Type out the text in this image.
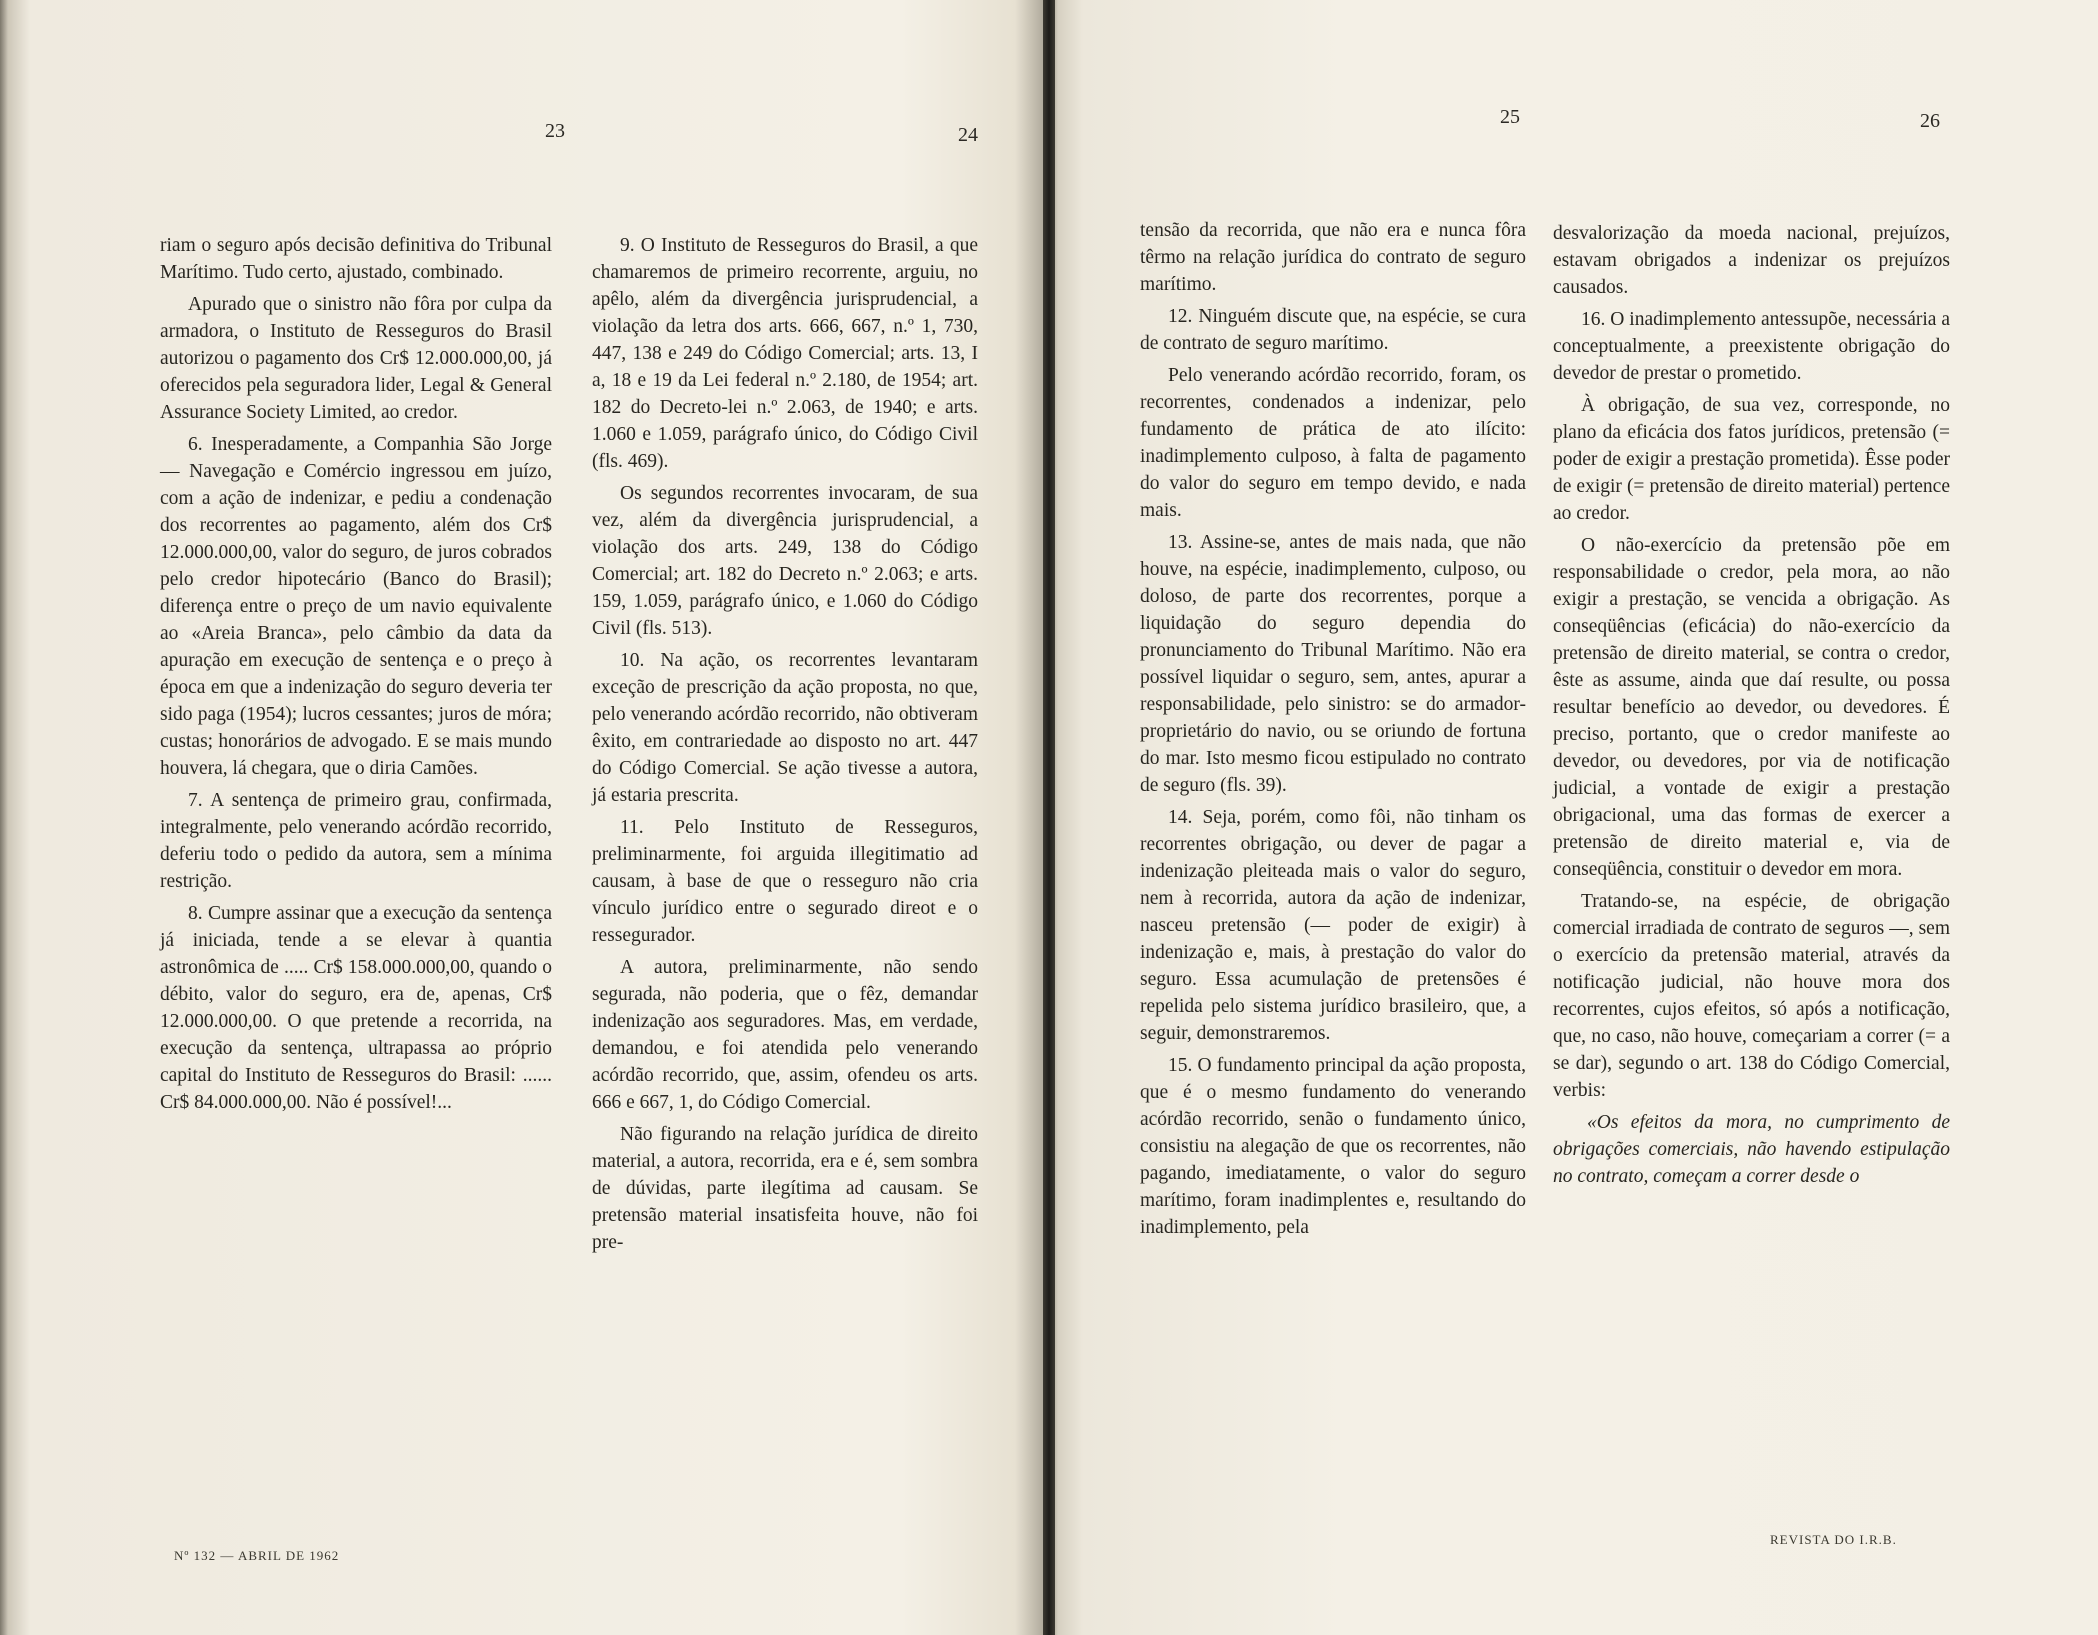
23	24
25	26

riam o seguro após decisão definitiva do Tribunal Marítimo. Tudo certo, ajustado, combinado.

Apurado que o sinistro não fôra por culpa da armadora, o Instituto de Resseguros do Brasil autorizou o pagamento dos Cr$ 12.000.000,00, já oferecidos pela seguradora lider, Legal & General Assurance Society Limited, ao credor.

6. Inesperadamente, a Companhia São Jorge — Navegação e Comércio ingressou em juízo, com a ação de indenizar, e pediu a condenação dos recorrentes ao pagamento, além dos Cr$ 12.000.000,00, valor do seguro, de juros cobrados pelo credor hipotecário (Banco do Brasil); diferença entre o preço de um navio equivalente ao «Areia Branca», pelo câmbio da data da apuração em execução de sentença e o preço à época em que a indenização do seguro deveria ter sido paga (1954); lucros cessantes; juros de móra; custas; honorários de advogado. E se mais mundo houvera, lá chegara, que o diria Camões.

7. A sentença de primeiro grau, confirmada, integralmente, pelo venerando acórdão recorrido, deferiu todo o pedido da autora, sem a mínima restrição.

8. Cumpre assinar que a execução da sentença já iniciada, tende a se elevar à quantia astronômica de ..... Cr$ 158.000.000,00, quando o débito, valor do seguro, era de, apenas, Cr$ 12.000.000,00. O que pretende a recorrida, na execução da sentença, ultrapassa ao próprio capital do Instituto de Resseguros do Brasil: ...... Cr$ 84.000.000,00. Não é possível!...

9. O Instituto de Resseguros do Brasil, a que chamaremos de primeiro recorrente, arguiu, no apêlo, além da divergência jurisprudencial, a violação da letra dos arts. 666, 667, n.º 1, 730, 447, 138 e 249 do Código Comercial; arts. 13, I a, 18 e 19 da Lei federal n.º 2.180, de 1954; art. 182 do Decreto-lei n.º 2.063, de 1940; e arts. 1.060 e 1.059, parágrafo único, do Código Civil (fls. 469).

Os segundos recorrentes invocaram, de sua vez, além da divergência jurisprudencial, a violação dos arts. 249, 138 do Código Comercial; art. 182 do Decreto n.º 2.063; e arts. 159, 1.059, parágrafo único, e 1.060 do Código Civil (fls. 513).

10. Na ação, os recorrentes levantaram exceção de prescrição da ação proposta, no que, pelo venerando acórdão recorrido, não obtiveram êxito, em contrariedade ao disposto no art. 447 do Código Comercial. Se ação tivesse a autora, já estaria prescrita.

11. Pelo Instituto de Resseguros, preliminarmente, foi arguida illegitimatio ad causam, à base de que o resseguro não cria vínculo jurídico entre o segurado direot e o ressegurador.

A autora, preliminarmente, não sendo segurada, não poderia, que o fêz, demandar indenização aos seguradores. Mas, em verdade, demandou, e foi atendida pelo venerando acórdão recorrido, que, assim, ofendeu os arts. 666 e 667, 1, do Código Comercial.

Não figurando na relação jurídica de direito material, a autora, recorrida, era e é, sem sombra de dúvidas, parte ilegítima ad causam. Se pretensão material insatisfeita houve, não foi pre-

tensão da recorrida, que não era e nunca fôra têrmo na relação jurídica do contrato de seguro marítimo.

12. Ninguém discute que, na espécie, se cura de contrato de seguro marítimo.

Pelo venerando acórdão recorrido, foram, os recorrentes, condenados a indenizar, pelo fundamento de prática de ato ilícito: inadimplemento culposo, à falta de pagamento do valor do seguro em tempo devido, e nada mais.

13. Assine-se, antes de mais nada, que não houve, na espécie, inadimplemento, culposo, ou doloso, de parte dos recorrentes, porque a liquidação do seguro dependia do pronunciamento do Tribunal Marítimo. Não era possível liquidar o seguro, sem, antes, apurar a responsabilidade, pelo sinistro: se do armador-proprietário do navio, ou se oriundo de fortuna do mar. Isto mesmo ficou estipulado no contrato de seguro (fls. 39).

14. Seja, porém, como fôi, não tinham os recorrentes obrigação, ou dever de pagar a indenização pleiteada mais o valor do seguro, nem à recorrida, autora da ação de indenizar, nasceu pretensão (— poder de exigir) à indenização e, mais, à prestação do valor do seguro. Essa acumulação de pretensões é repelida pelo sistema jurídico brasileiro, que, a seguir, demonstraremos.

15. O fundamento principal da ação proposta, que é o mesmo fundamento do venerando acórdão recorrido, senão o fundamento único, consistiu na alegação de que os recorrentes, não pagando, imediatamente, o valor do seguro marítimo, foram inadimplentes e, resultando do inadimplemento, pela

desvalorização da moeda nacional, prejuízos, estavam obrigados a indenizar os prejuízos causados.

16. O inadimplemento antessupõe, necessária a conceptualmente, a preexistente obrigação do devedor de prestar o prometido.

À obrigação, de sua vez, corresponde, no plano da eficácia dos fatos jurídicos, pretensão (= poder de exigir a prestação prometida). Êsse poder de exigir (= pretensão de direito material) pertence ao credor.

O não-exercício da pretensão põe em responsabilidade o credor, pela mora, ao não exigir a prestação, se vencida a obrigação. As conseqüências (eficácia) do não-exercício da pretensão de direito material, se contra o credor, êste as assume, ainda que daí resulte, ou possa resultar benefício ao devedor, ou devedores. É preciso, portanto, que o credor manifeste ao devedor, ou devedores, por via de notificação judicial, a vontade de exigir a prestação obrigacional, uma das formas de exercer a pretensão de direito material e, via de conseqüência, constituir o devedor em mora.

Tratando-se, na espécie, de obrigação comercial irradiada de contrato de seguros —, sem o exercício da pretensão material, através da notificação judicial, não houve mora dos recorrentes, cujos efeitos, só após a notificação, que, no caso, não houve, começariam a correr (= a se dar), segundo o art. 138 do Código Comercial, verbis:

«Os efeitos da mora, no cumprimento de obrigações comerciais, não havendo estipulação no contrato, começam a correr desde o

Nº 132 — ABRIL DE 1962
REVISTA DO I.R.B.
